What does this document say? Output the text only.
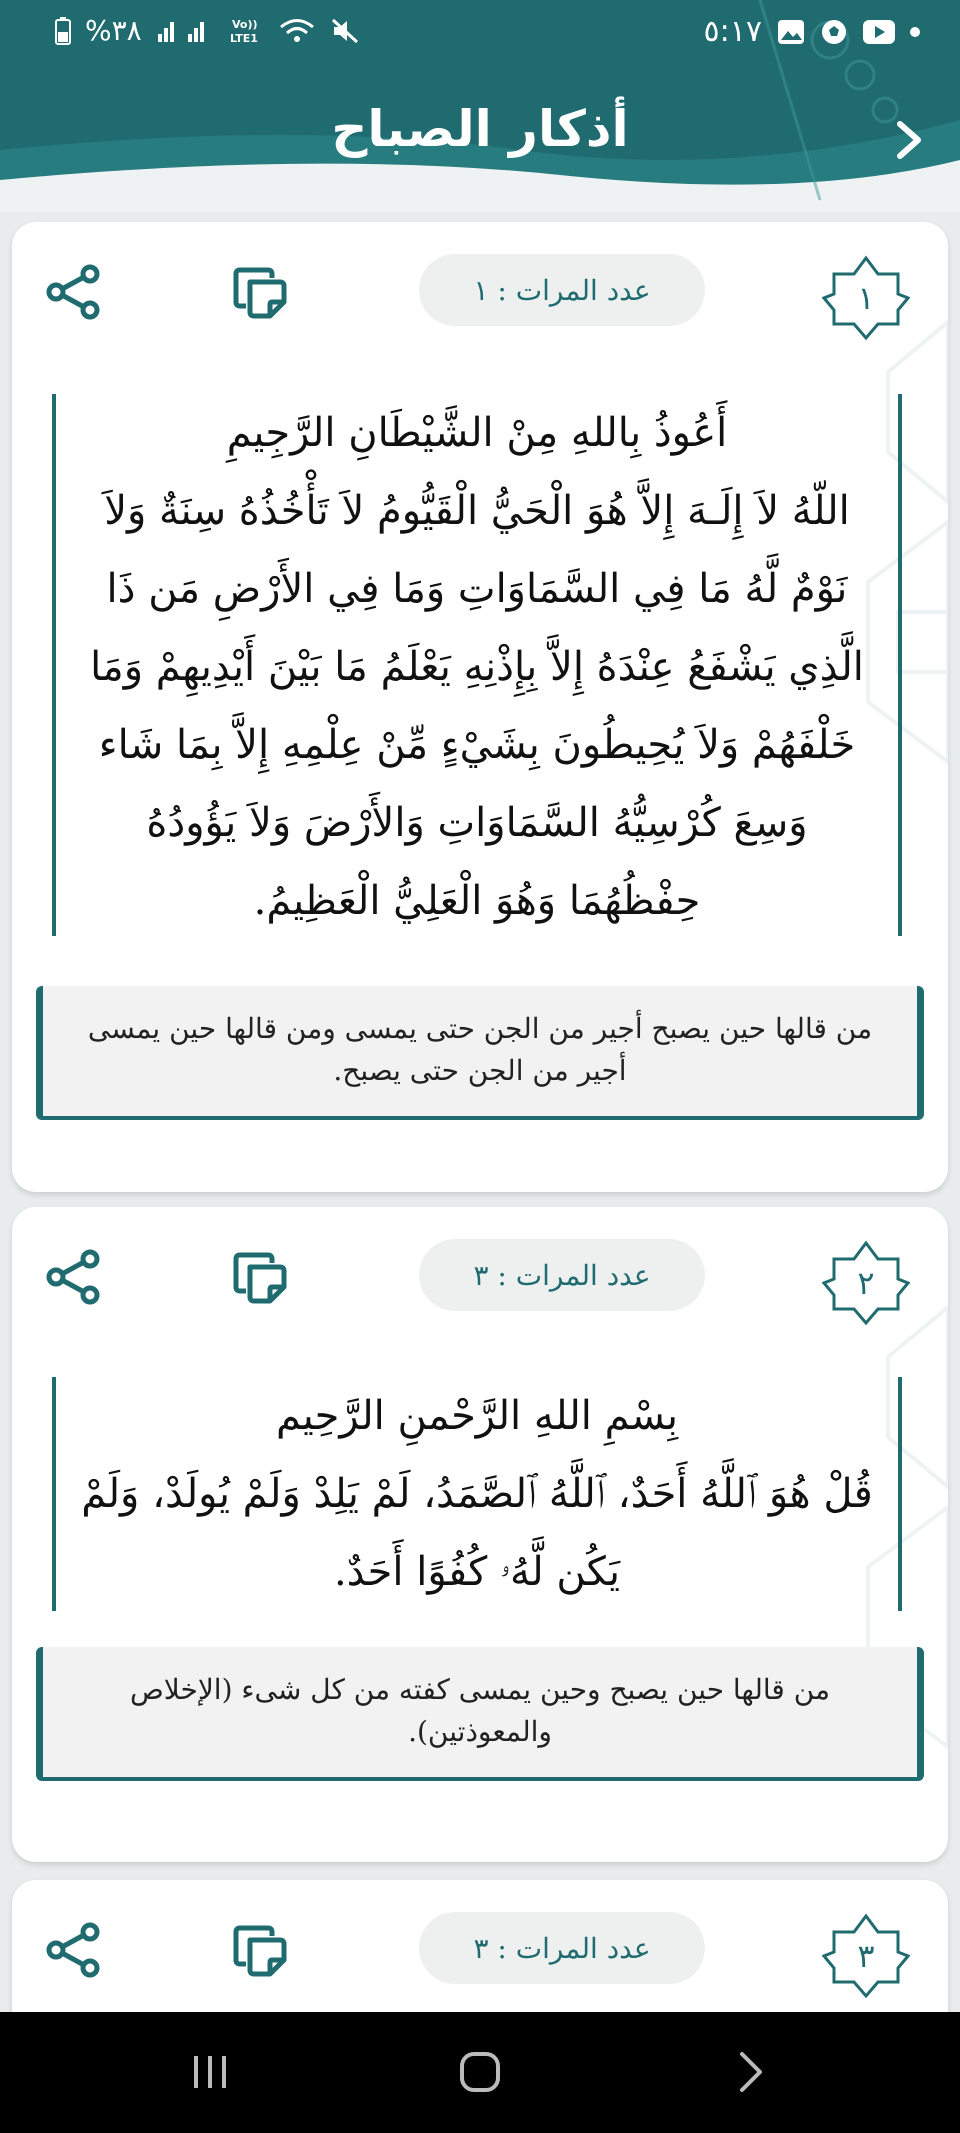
٥:١٧
%٣٨	Vo))
LTE1
أذكار الصباح
١
عدد المرات : ١
أَعُوذُ بِاللهِ مِنْ الشَّيْطَانِ الرَّجِيمِ
اللّهُ لاَ إِلَـهَ إِلاَّ هُوَ الْحَيُّ الْقَيُّومُ لاَ تَأْخُذُهُ سِنَةٌ وَلاَ نَوْمٌ لَّهُ مَا فِي السَّمَاوَاتِ وَمَا فِي الأَرْضِ مَن ذَا الَّذِي يَشْفَعُ عِنْدَهُ إِلاَّ بِإِذْنِهِ يَعْلَمُ مَا بَيْنَ أَيْدِيهِمْ وَمَا خَلْفَهُمْ وَلاَ يُحِيطُونَ بِشَيْءٍ مِّنْ عِلْمِهِ إِلاَّ بِمَا شَاء وَسِعَ كُرْسِيُّهُ السَّمَاوَاتِ وَالأَرْضَ وَلاَ يَؤُودُهُ حِفْظُهُمَا وَهُوَ الْعَلِيُّ الْعَظِيمُ.
من قالها حين يصبح أجير من الجن حتى يمسى ومن قالها حين يمسى أجير من الجن حتى يصبح.
٢
عدد المرات : ٣
بِسْمِ اللهِ الرَّحْمنِ الرَّحِيم
قُلْ هُوَ ٱللَّهُ أَحَدٌ، ٱللَّهُ ٱلصَّمَدُ، لَمْ يَلِدْ وَلَمْ يُولَدْ، وَلَمْ يَكُن لَّهُۥ كُفُوًا أَحَدٌ.
من قالها حين يصبح وحين يمسى كفته من كل شىء (الإخلاص والمعوذتين).
٣
عدد المرات : ٣
